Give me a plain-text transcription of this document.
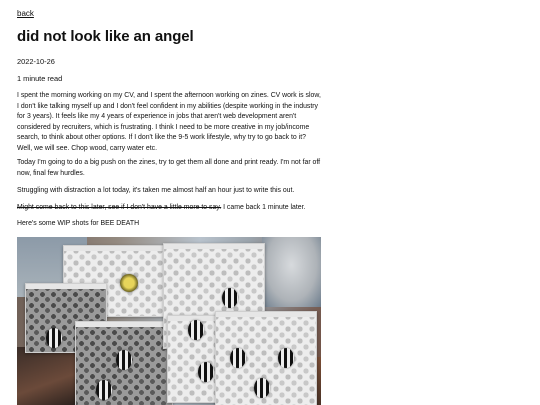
back
did not look like an angel

2022-10-26

1 minute read

I spent the morning working on my CV, and I spent the afternoon working on zines. CV work is slow, I don't like talking myself up and I don't feel confident in my abilities (despite working in the industry for 3 years). It feels like my 4 years of experience in jobs that aren't web development aren't considered by recruiters, which is frustrating. I think I need to be more creative in my job/income search, to think about other options. If I don't like the 9-5 work lifestyle, why try to go back to it? Well, we will see. Chop wood, carry water etc.

Today I'm going to do a big push on the zines, try to get them all done and print ready. I'm not far off now, final few hurdles.

Struggling with distraction a lot today, it's taken me almost half an hour just to write this out.

Might come back to this later, see if I don't have a little more to say. I came back 1 minute later.

Here's some WIP shots for BEE DEATH
